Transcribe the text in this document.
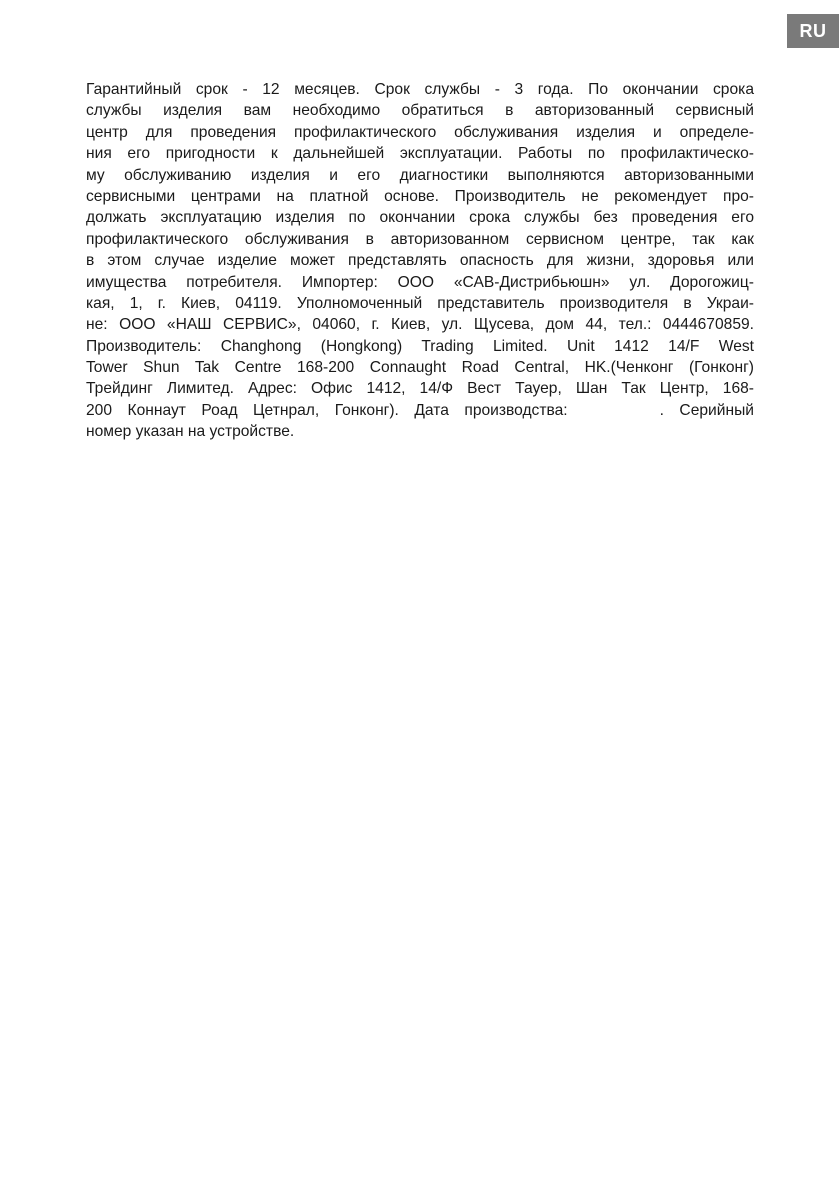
RU
Гарантийный срок - 12 месяцев. Срок службы - 3 года. По окончании срока
службы изделия вам необходимо обратиться в авторизованный сервисный
центр для проведения профилактического обслуживания изделия и определе-
ния его пригодности к дальнейшей эксплуатации. Работы по профилактическо-
му обслуживанию изделия и его диагностики выполняются авторизованными
сервисными центрами на платной основе. Производитель не рекомендует про-
должать эксплуатацию изделия по окончании срока службы без проведения его
профилактического обслуживания в авторизованном сервисном центре, так как
в этом случае изделие может представлять опасность для жизни, здоровья или
имущества потребителя. Импортер: ООО «САВ-Дистрибьюшн» ул. Дорогожиц-
кая, 1, г. Киев, 04119. Уполномоченный представитель производителя в Украи-
не: ООО «НАШ СЕРВИС», 04060, г. Киев, ул. Щусева, дом 44, тел.: 0444670859.
Производитель: Changhong (Hongkong) Trading Limited. Unit 1412 14/F West
Tower Shun Tak Centre 168-200 Connaught Road Central, HK.(Ченконг (Гонконг)
Трейдинг Лимитед. Адрес: Офис 1412, 14/Ф Вест Тауер, Шан Так Центр, 168-
200 Коннаут Роад Цетнрал, Гонконг). Дата производства:	. Серийный
номер указан на устройстве.
